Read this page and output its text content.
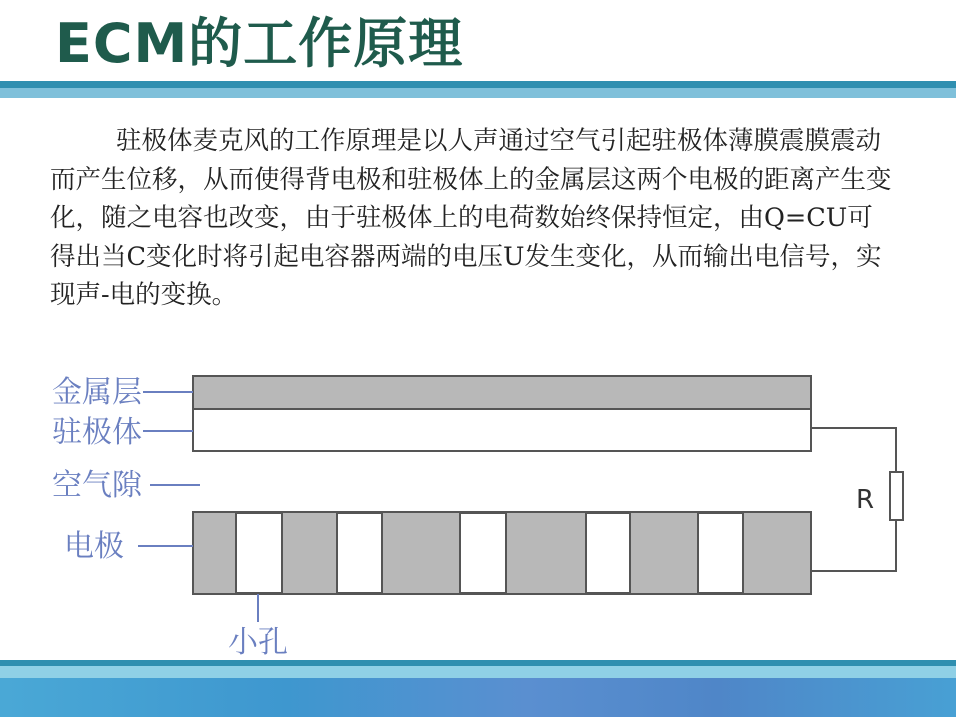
ECM的工作原理

驻极体麦克风的工作原理是以人声通过空气引起驻极体薄膜震膜震动而产生位移，从而使得背电极和驻极体上的金属层这两个电极的距离产生变化，随之电容也改变，由于驻极体上的电荷数始终保持恒定，由Q=CU可得出当C变化时将引起电容器两端的电压U发生变化，从而输出电信号，实现声-电的变换。

R
金属层
驻极体
空气隙
电极
小孔
